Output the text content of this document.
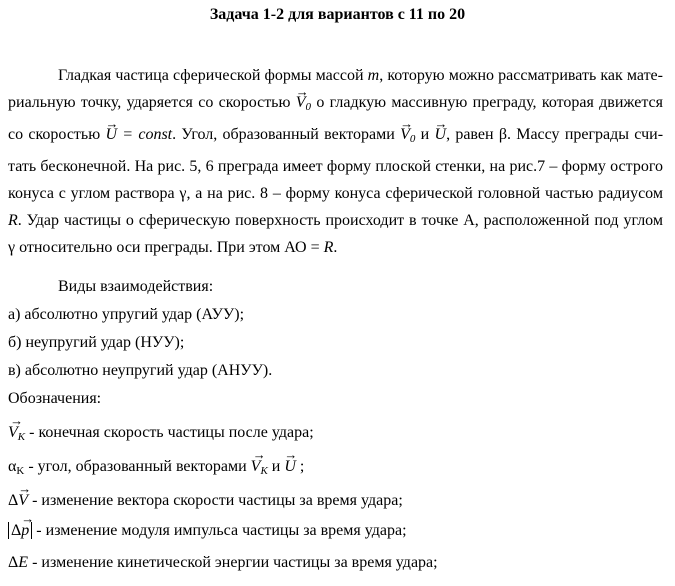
Задача 1-2 для вариантов с 11 по 20
Гладкая частица сферической формы массой m, которую можно рассматривать как мате-
риальную точку, ударяется со скоростью → $V_0$ о гладкую массивную преграду, которая движется
со скоростью → U = const. Угол, образованный векторами → $V_0$ и → U, равен β. Массу преграды счи-
тать бесконечной. На рис. 5, 6 преграда имеет форму плоской стенки, на рис.7 – форму острого
конуса с углом раствора γ, а на рис. 8 – форму конуса сферической головной частью радиусом
R. Удар частицы о сферическую поверхность происходит в точке А, расположенной под углом
γ относительно оси преграды. При этом АО = R.
Виды взаимодействия:
а) абсолютно упругий удар (АУУ);
б) неупругий удар (НУУ);
в) абсолютно неупругий удар (АНУУ).
Обозначения:
→ $V_K$ - конечная скорость частицы после удара;
$\alpha_K$ - угол, образованный векторами → $V_K$ и → U ;
Δ→ V - изменение вектора скорости частицы за время удара;
Δ→ p - изменение модуля импульса частицы за время удара;
ΔE - изменение кинетической энергии частицы за время удара;
